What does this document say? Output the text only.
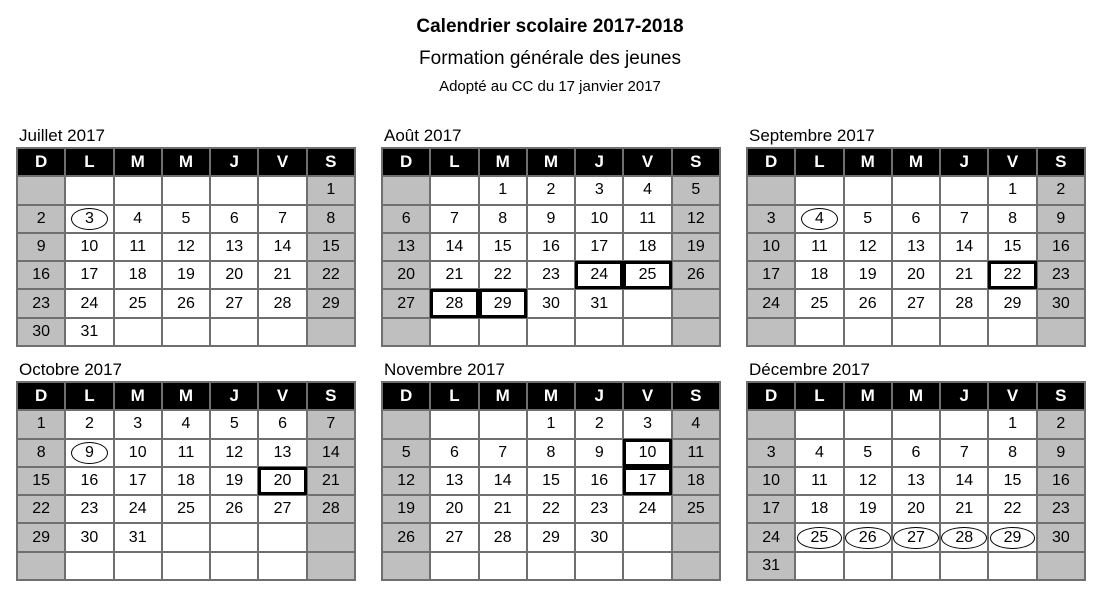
Calendrier scolaire 2017-2018
Formation générale des jeunes
Adopté au CC du 17 janvier 2017
Juillet 2017
D	L	M	M	J	V	S
						1
2	3	4	5	6	7	8
9	10	11	12	13	14	15
16	17	18	19	20	21	22
23	24	25	26	27	28	29
30	31					
Août 2017
D	L	M	M	J	V	S
		1	2	3	4	5
6	7	8	9	10	11	12
13	14	15	16	17	18	19
20	21	22	23	24	25	26
27	28	29	30	31		

Septembre 2017
D	L	M	M	J	V	S
					1	2
3	4	5	6	7	8	9
10	11	12	13	14	15	16
17	18	19	20	21	22	23
24	25	26	27	28	29	30

Octobre 2017
D	L	M	M	J	V	S
1	2	3	4	5	6	7
8	9	10	11	12	13	14
15	16	17	18	19	20	21
22	23	24	25	26	27	28
29	30	31				

Novembre 2017
D	L	M	M	J	V	S
			1	2	3	4
5	6	7	8	9	10	11
12	13	14	15	16	17	18
19	20	21	22	23	24	25
26	27	28	29	30		

Décembre 2017
D	L	M	M	J	V	S
					1	2
3	4	5	6	7	8	9
10	11	12	13	14	15	16
17	18	19	20	21	22	23
24	25	26	27	28	29	30
31						
